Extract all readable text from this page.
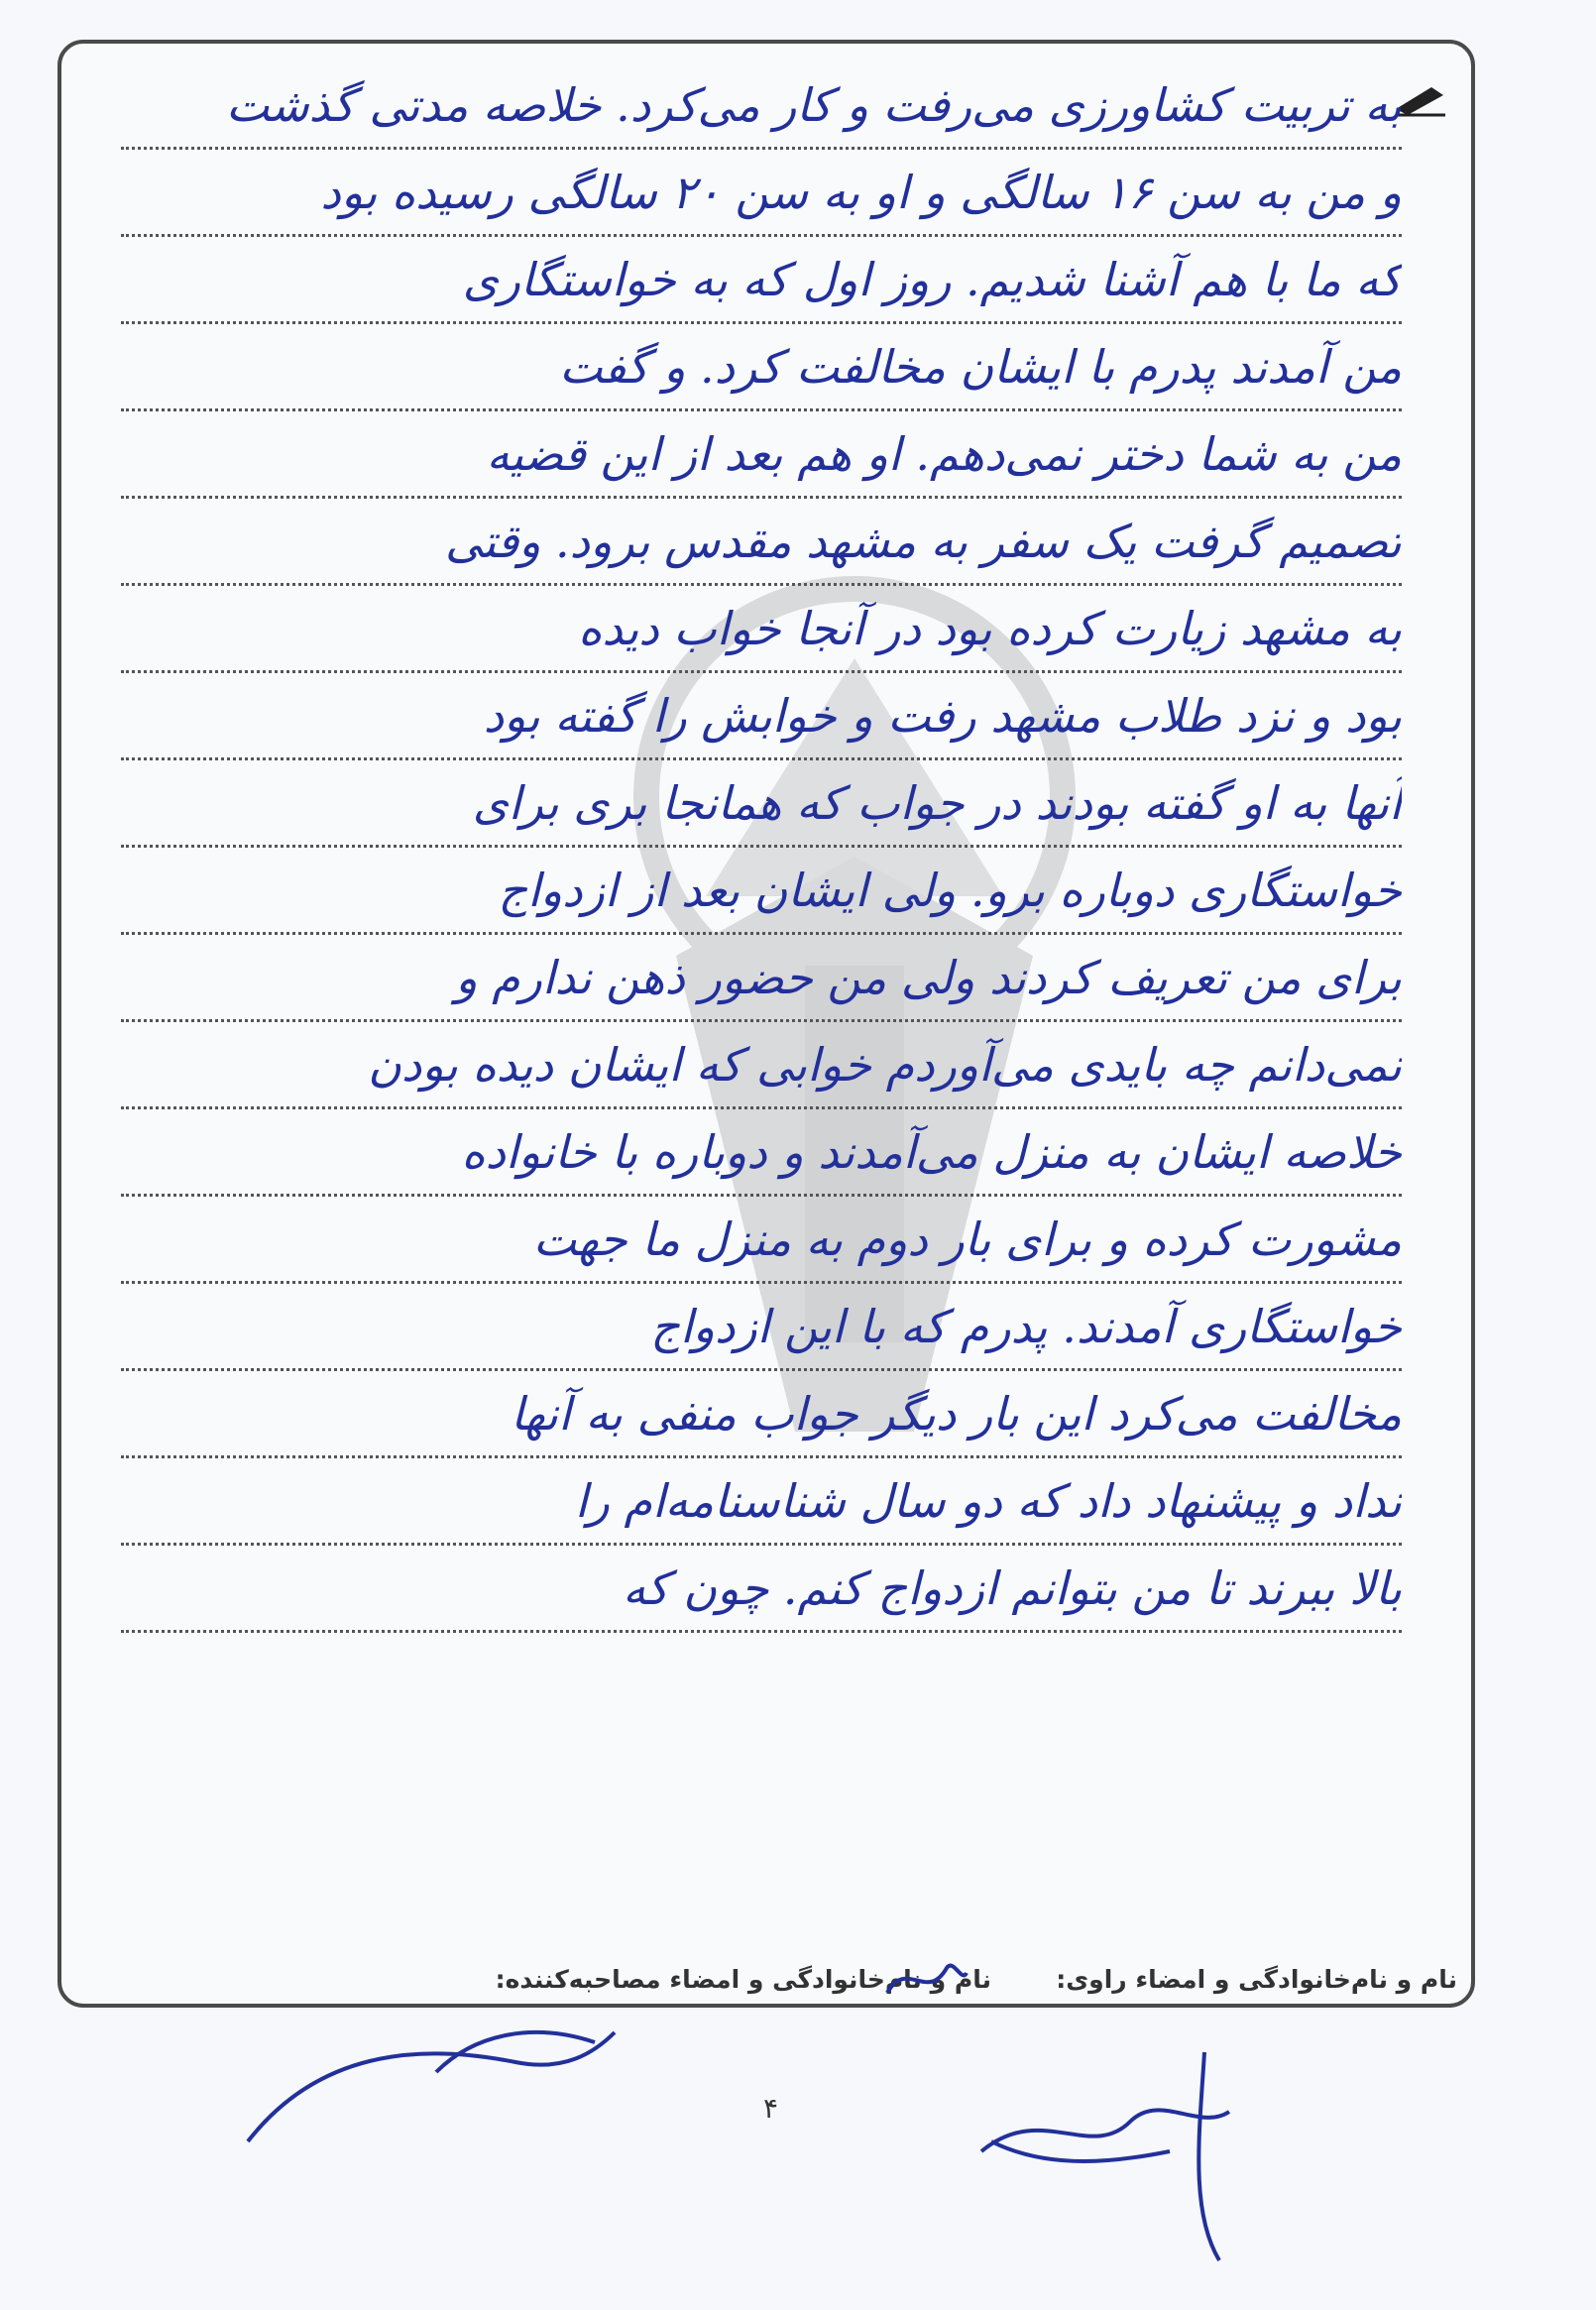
به تربیت کشاورزی می‌رفت و کار می‌کرد. خلاصه مدتی گذشت
و من به سن ۱۶ سالگی و او به سن ۲۰ سالگی رسیده بود
که ما با هم آشنا شدیم. روز اول که به خواستگاری
من آمدند پدرم با ایشان مخالفت کرد. و گفت
من به شما دختر نمی‌دهم. او هم بعد از این قضیه
تصمیم گرفت یک سفر به مشهد مقدس برود. وقتی
به مشهد زیارت کرده بود در آنجا خواب دیده
بود و نزد طلاب مشهد رفت و خوابش را گفته بود
آنها به او گفته بودند در جواب که همانجا بری برای
خواستگاری دوباره برو. ولی ایشان بعد از ازدواج
برای من تعریف کردند ولی من حضور ذهن ندارم و
نمی‌دانم چه بایدی می‌آوردم خوابی که ایشان دیده بودن
خلاصه ایشان به منزل می‌آمدند و دوباره با خانواده
مشورت کرده و برای بار دوم به منزل ما جهت
خواستگاری آمدند. پدرم که با این ازدواج
مخالفت می‌کرد این بار دیگر جواب منفی به آنها
نداد و پیشنهاد داد که دو سال شناسنامه‌ام را
بالا ببرند تا من بتوانم ازدواج کنم. چون که
نام و نام‌خانوادگی و امضاء راوی:
نام و نام‌خانوادگی و امضاء مصاحبه‌کننده:
۴
